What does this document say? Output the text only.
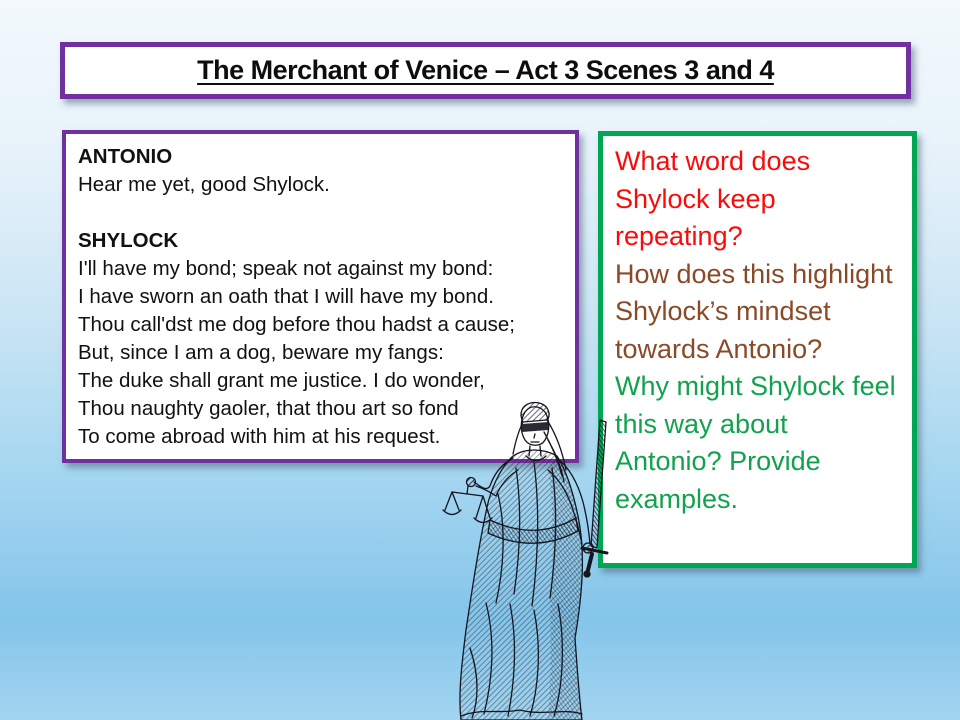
The Merchant of Venice – Act 3 Scenes 3 and 4
ANTONIO
Hear me yet, good Shylock.
SHYLOCK
I'll have my bond; speak not against my bond:
I have sworn an oath that I will have my bond.
Thou call'dst me dog before thou hadst a cause;
But, since I am a dog, beware my fangs:
The duke shall grant me justice. I do wonder,
Thou naughty gaoler, that thou art so fond
To come abroad with him at his request.
What word does Shylock keep repeating?
How does this highlight Shylock’s mindset towards Antonio?
Why might Shylock feel this way about Antonio? Provide examples.
